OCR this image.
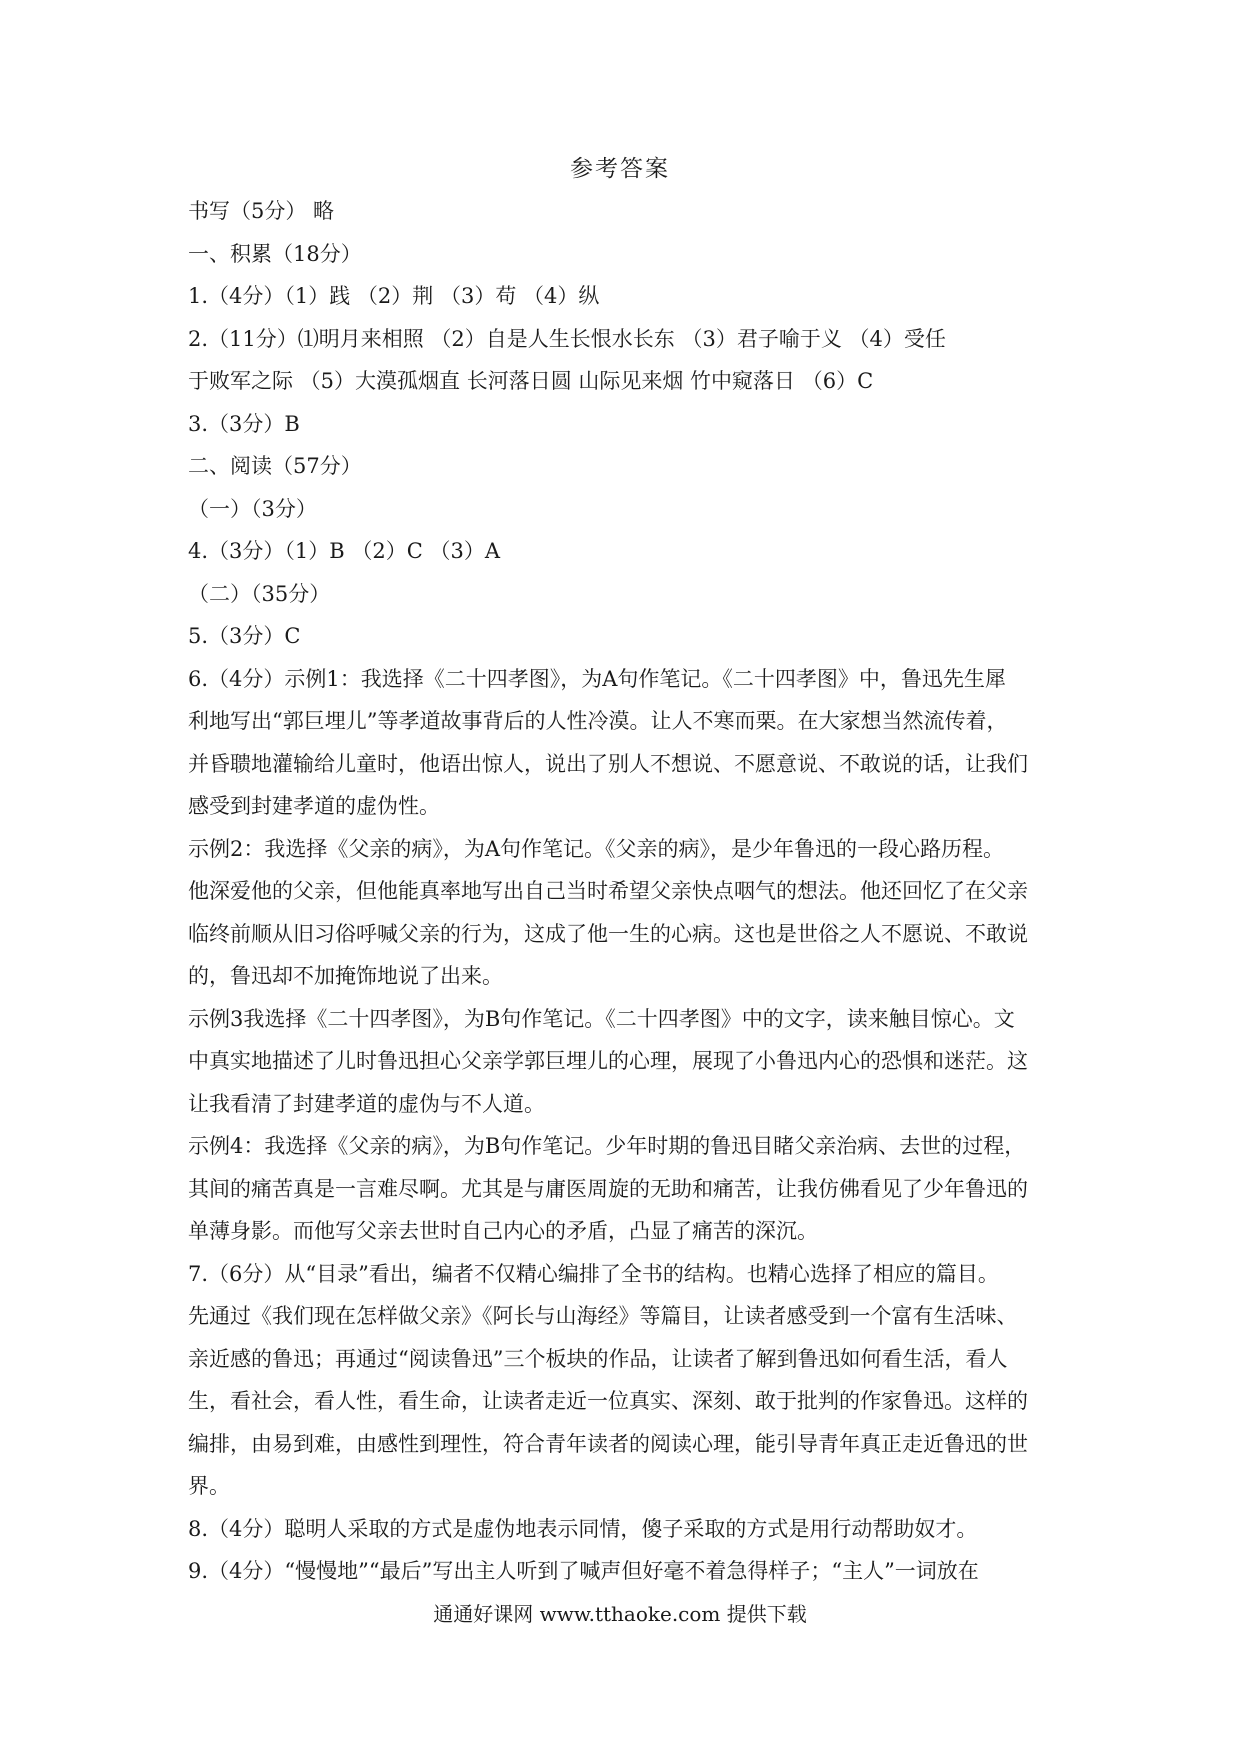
参考答案
书写（5分） 略
一、积累（18分）
1.（4分）（1）践 （2）荆 （3）苟 （4）纵
2.（11分）⑴明月来相照 （2）自是人生长恨水长东 （3）君子喻于义 （4）受任
于败军之际 （5）大漠孤烟直 长河落日圆 山际见来烟 竹中窥落日 （6）C
3.（3分）B
二、阅读（57分）
（一）（3分）
4.（3分）（1）B （2）C （3）A
（二）（35分）
5.（3分）C
6.（4分）示例1：我选择《二十四孝图》，为A句作笔记。《二十四孝图》中，鲁迅先生犀
利地写出“郭巨埋儿”等孝道故事背后的人性冷漠。让人不寒而栗。在大家想当然流传着，
并昏聩地灌输给儿童时，他语出惊人，说出了别人不想说、不愿意说、不敢说的话，让我们
感受到封建孝道的虚伪性。
示例2：我选择《父亲的病》，为A句作笔记。《父亲的病》，是少年鲁迅的一段心路历程。
他深爱他的父亲，但他能真率地写出自己当时希望父亲快点咽气的想法。他还回忆了在父亲
临终前顺从旧习俗呼喊父亲的行为，这成了他一生的心病。这也是世俗之人不愿说、不敢说
的，鲁迅却不加掩饰地说了出来。
示例3我选择《二十四孝图》，为B句作笔记。《二十四孝图》中的文字，读来触目惊心。文
中真实地描述了儿时鲁迅担心父亲学郭巨埋儿的心理，展现了小鲁迅内心的恐惧和迷茫。这
让我看清了封建孝道的虚伪与不人道。
示例4：我选择《父亲的病》，为B句作笔记。少年时期的鲁迅目睹父亲治病、去世的过程，
其间的痛苦真是一言难尽啊。尤其是与庸医周旋的无助和痛苦，让我仿佛看见了少年鲁迅的
单薄身影。而他写父亲去世时自己内心的矛盾，凸显了痛苦的深沉。
7.（6分）从“目录”看出，编者不仅精心编排了全书的结构。也精心选择了相应的篇目。
先通过《我们现在怎样做父亲》《阿长与山海经》等篇目，让读者感受到一个富有生活味、
亲近感的鲁迅；再通过“阅读鲁迅”三个板块的作品，让读者了解到鲁迅如何看生活，看人
生，看社会，看人性，看生命，让读者走近一位真实、深刻、敢于批判的作家鲁迅。这样的
编排，由易到难，由感性到理性，符合青年读者的阅读心理，能引导青年真正走近鲁迅的世
界。
8.（4分）聪明人采取的方式是虚伪地表示同情，傻子采取的方式是用行动帮助奴才。
9.（4分）“慢慢地”“最后”写出主人听到了喊声但好毫不着急得样子；“主人”一词放在
通通好课网 www.tthaoke.com 提供下载
